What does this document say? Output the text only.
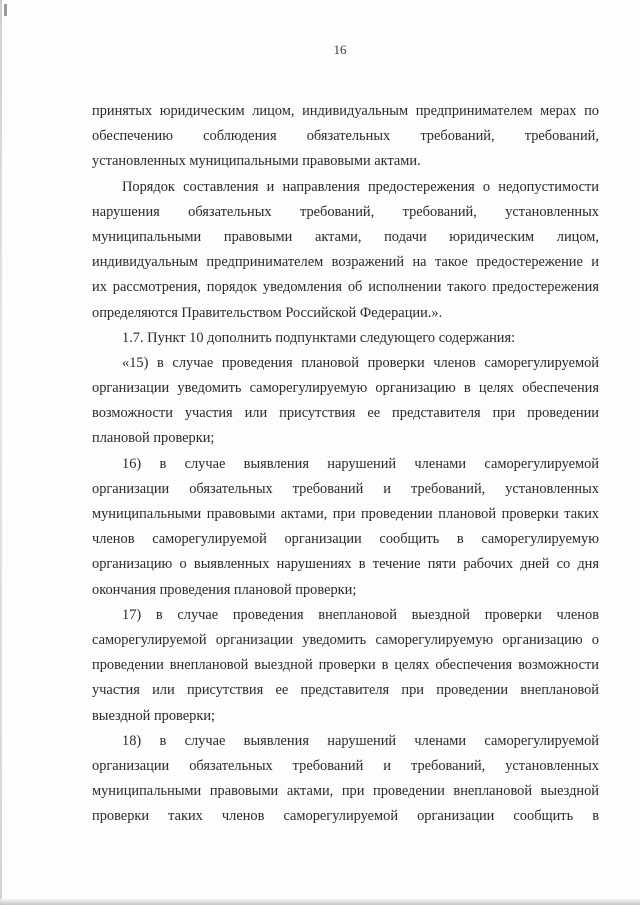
16
принятых юридическим лицом, индивидуальным предпринимателем мерах по
обеспечению соблюдения обязательных требований, требований,
установленных муниципальными правовыми актами.
Порядок составления и направления предостережения о недопустимости
нарушения обязательных требований, требований, установленных
муниципальными правовыми актами, подачи юридическим лицом,
индивидуальным предпринимателем возражений на такое предостережение и
их рассмотрения, порядок уведомления об исполнении такого предостережения
определяются Правительством Российской Федерации.».
1.7. Пункт 10 дополнить подпунктами следующего содержания:
«15) в случае проведения плановой проверки членов саморегулируемой
организации уведомить саморегулируемую организацию в целях обеспечения
возможности участия или присутствия ее представителя при проведении
плановой проверки;
16) в случае выявления нарушений членами саморегулируемой
организации обязательных требований и требований, установленных
муниципальными правовыми актами, при проведении плановой проверки таких
членов саморегулируемой организации сообщить в саморегулируемую
организацию о выявленных нарушениях в течение пяти рабочих дней со дня
окончания проведения плановой проверки;
17) в случае проведения внеплановой выездной проверки членов
саморегулируемой организации уведомить саморегулируемую организацию о
проведении внеплановой выездной проверки в целях обеспечения возможности
участия или присутствия ее представителя при проведении внеплановой
выездной проверки;
18) в случае выявления нарушений членами саморегулируемой
организации обязательных требований и требований, установленных
муниципальными правовыми актами, при проведении внеплановой выездной
проверки таких членов саморегулируемой организации сообщить в
